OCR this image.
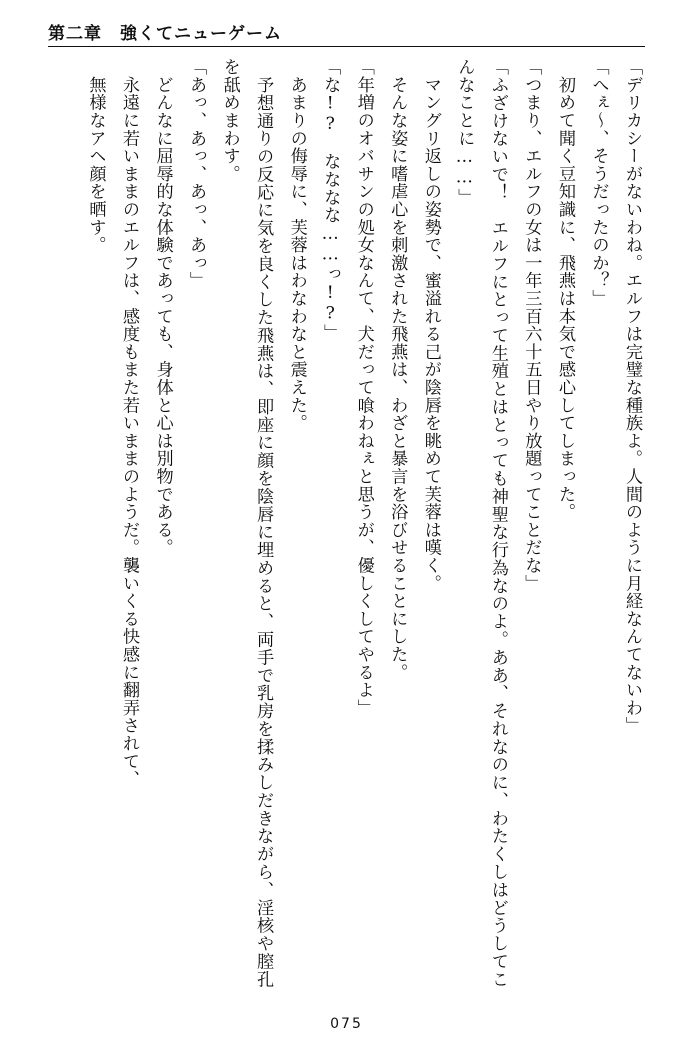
第二章 強くてニューゲーム

「デリカシーがないわね。エルフは完璧な種族よ。人間のように月経なんてないわ」

「へぇ～、そうだったのか？」

　初めて聞く豆知識に、飛燕は本気で感心してしまった。

「つまり、エルフの女は一年三百六十五日やり放題ってことだな」

「ふざけないで！　エルフにとって生殖とはとっても神聖な行為なのよ。ああ、それなのに、わたくしはどうしてこんなことに……」

　マングリ返しの姿勢で、蜜溢れる己が陰唇を眺めて芙蓉は嘆く。

　そんな姿に嗜虐心を刺激された飛燕は、わざと暴言を浴びせることにした。

「年増のオバサンの処女なんて、犬だって喰わねぇと思うが、優しくしてやるよ」

「な!?　なななな……っ!?」

　あまりの侮辱に、芙蓉はわなわなと震えた。

　予想通りの反応に気を良くした飛燕は、即座に顔を陰唇に埋めると、両手で乳房を揉みしだきながら、淫核や膣孔を舐めまわす。

「あっ、あっ、あっ、あっ」

　どんなに屈辱的な体験であっても、身体と心は別物である。

　永遠に若いままのエルフは、感度もまた若いままのようだ。襲いくる快感に翻弄されて、

　無様なアヘ顔を晒す。

075
